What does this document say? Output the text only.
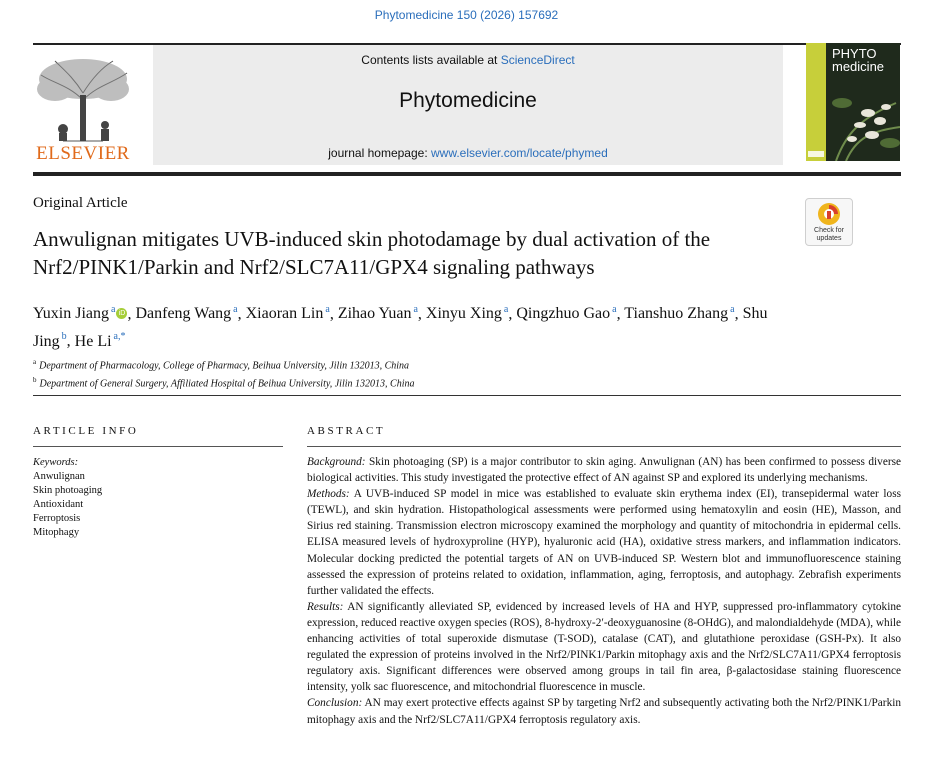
Phytomedicine 150 (2026) 157692
ELSEVIER
Contents lists available at ScienceDirect
Phytomedicine
journal homepage: www.elsevier.com/locate/phymed
PHYTO
medicine
Original Article
Anwulignan mitigates UVB-induced skin photodamage by dual activation of the Nrf2/PINK1/Parkin and Nrf2/SLC7A11/GPX4 signaling pathways
Check for updates
Yuxin Jiang $^a$ iD , Danfeng Wang $^a$, Xiaoran Lin $^a$, Zihao Yuan $^a$, Xinyu Xing $^a$, Qingzhuo Gao $^a$, Tianshuo Zhang $^a$, Shu Jing $^b$, He Li $^{a,*}$
$^a$ Department of Pharmacology, College of Pharmacy, Beihua University, Jilin 132013, China
$^b$ Department of General Surgery, Affiliated Hospital of Beihua University, Jilin 132013, China
ARTICLE INFO	ABSTRACT
Keywords:
Anwulignan
Skin photoaging
Antioxidant
Ferroptosis
Mitophagy

Background: Skin photoaging (SP) is a major contributor to skin aging. Anwulignan (AN) has been confirmed to possess diverse biological activities. This study investigated the protective effect of AN against SP and explored its underlying mechanisms.

Methods: A UVB-induced SP model in mice was established to evaluate skin erythema index (EI), transepidermal water loss (TEWL), and skin hydration. Histopathological assessments were performed using hematoxylin and eosin (HE), Masson, and Sirius red staining. Transmission electron microscopy examined the morphology and quantity of mitochondria in epidermal cells. ELISA measured levels of hydroxyproline (HYP), hyaluronic acid (HA), oxidative stress markers, and inflammation indicators. Molecular docking predicted the potential targets of AN on UVB-induced SP. Western blot and immunofluorescence staining assessed the expression of proteins related to oxidation, inflammation, aging, ferroptosis, and autophagy. Zebrafish experiments further validated the effects.

Results: AN significantly alleviated SP, evidenced by increased levels of HA and HYP, suppressed pro-inflammatory cytokine expression, reduced reactive oxygen species (ROS), 8-hydroxy-2′-deoxyguanosine (8-OHdG), and malondialdehyde (MDA), while enhancing activities of total superoxide dismutase (T-SOD), catalase (CAT), and glutathione peroxidase (GSH-Px). It also regulated the expression of proteins involved in the Nrf2/PINK1/Parkin mitophagy axis and the Nrf2/SLC7A11/GPX4 ferroptosis regulatory axis. Significant differences were observed among groups in tail fin area, β-galactosidase staining fluorescence intensity, yolk sac fluorescence, and mitochondrial fluorescence in muscle.

Conclusion: AN may exert protective effects against SP by targeting Nrf2 and subsequently activating both the Nrf2/PINK1/Parkin mitophagy axis and the Nrf2/SLC7A11/GPX4 ferroptosis regulatory axis.
